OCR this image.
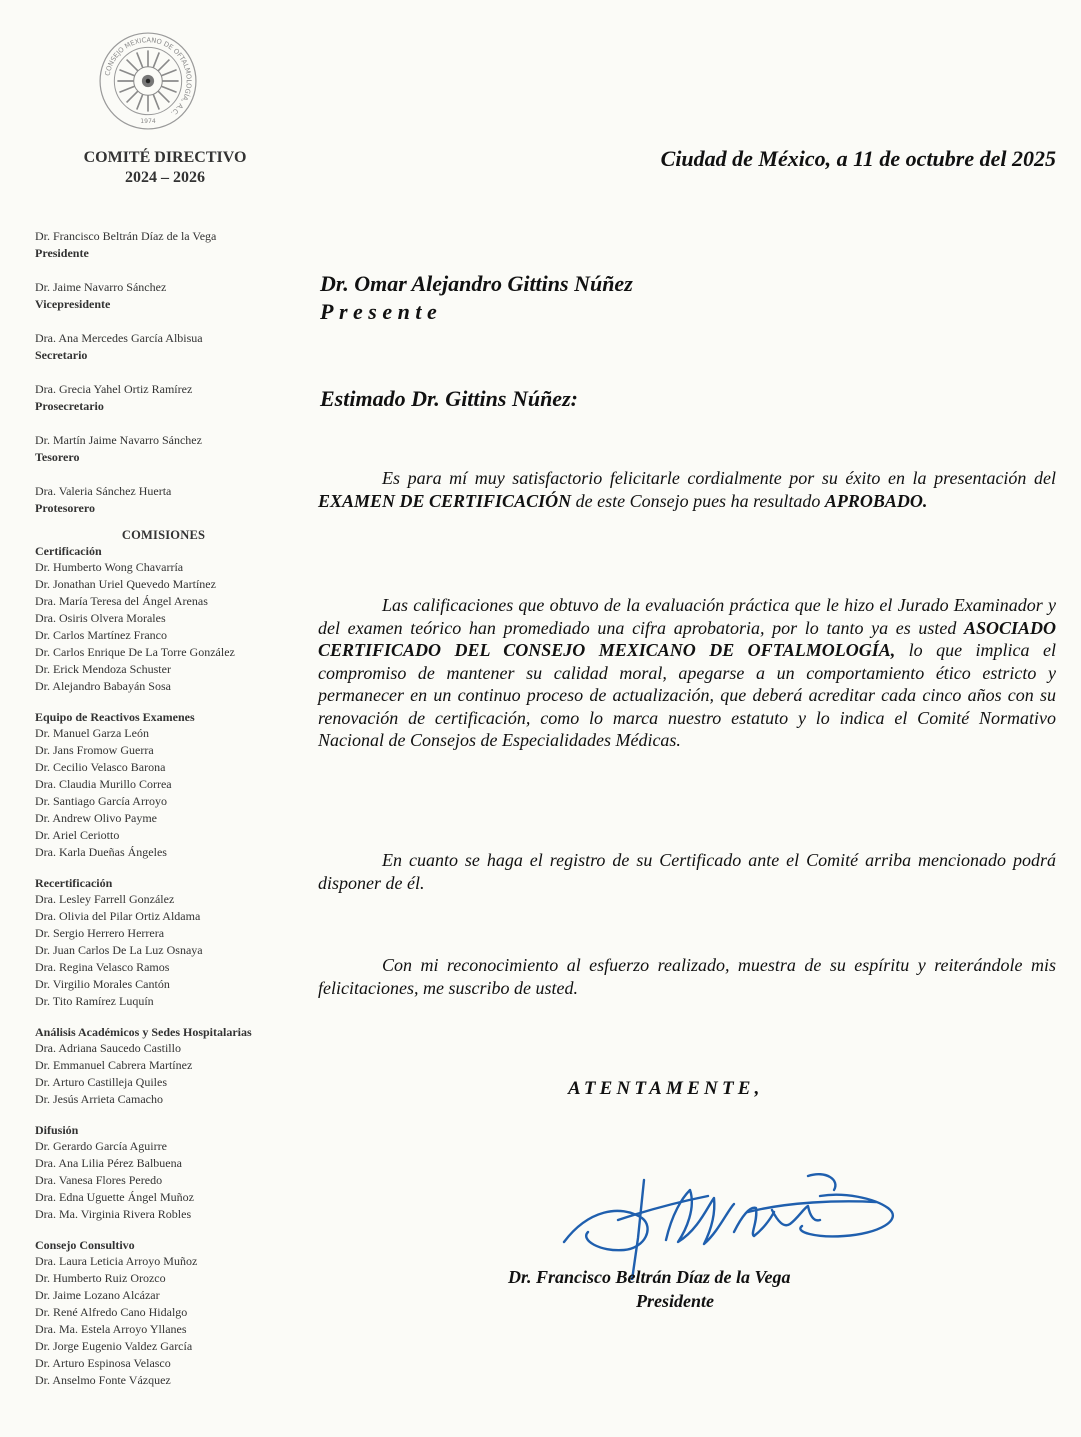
CONSEJO MEXICANO DE OFTALMOLOGÍA, A.C.
1974
COMITÉ DIRECTIVO
2024 – 2026
Dr. Francisco Beltrán Díaz de la Vega
Presidente
Dr. Jaime Navarro Sánchez
Vicepresidente
Dra. Ana Mercedes García Albisua
Secretario
Dra. Grecia Yahel Ortiz Ramírez
Prosecretario
Dr. Martín Jaime Navarro Sánchez
Tesorero
Dra. Valeria Sánchez Huerta
Protesorero
COMISIONES
Certificación
Dr. Humberto Wong Chavarría
Dr. Jonathan Uriel Quevedo Martínez
Dra. María Teresa del Ángel Arenas
Dra. Osiris Olvera Morales
Dr. Carlos Martínez Franco
Dr. Carlos Enrique De La Torre González
Dr. Erick Mendoza Schuster
Dr. Alejandro Babayán Sosa
Equipo de Reactivos Examenes
Dr. Manuel Garza León
Dr. Jans Fromow Guerra
Dr. Cecilio Velasco Barona
Dra. Claudia Murillo Correa
Dr. Santiago García Arroyo
Dr. Andrew Olivo Payme
Dr. Ariel Ceriotto
Dra. Karla Dueñas Ángeles
Recertificación
Dra. Lesley Farrell González
Dra. Olivia del Pilar Ortiz Aldama
Dr. Sergio Herrero Herrera
Dr. Juan Carlos De La Luz Osnaya
Dra. Regina Velasco Ramos
Dr. Virgilio Morales Cantón
Dr. Tito Ramírez Luquín
Análisis Académicos y Sedes Hospitalarias
Dra. Adriana Saucedo Castillo
Dr. Emmanuel Cabrera Martínez
Dr. Arturo Castilleja Quiles
Dr. Jesús Arrieta Camacho
Difusión
Dr. Gerardo García Aguirre
Dra. Ana Lilia Pérez Balbuena
Dra. Vanesa Flores Peredo
Dra. Edna Uguette Ángel Muñoz
Dra. Ma. Virginia Rivera Robles
Consejo Consultivo
Dra. Laura Leticia Arroyo Muñoz
Dr. Humberto Ruiz Orozco
Dr. Jaime Lozano Alcázar
Dr. René Alfredo Cano Hidalgo
Dra. Ma. Estela Arroyo Yllanes
Dr. Jorge Eugenio Valdez García
Dr. Arturo Espinosa Velasco
Dr. Anselmo Fonte Vázquez
Ciudad de México, a 11 de octubre del 2025
Dr. Omar Alejandro Gittins Núñez
Presente
Estimado Dr. Gittins Núñez:
Es para mí muy satisfactorio felicitarle cordialmente por su éxito en la presentación del EXAMEN DE CERTIFICACIÓN de este Consejo pues ha resultado APROBADO.
Las calificaciones que obtuvo de la evaluación práctica que le hizo el Jurado Examinador y del examen teórico han promediado una cifra aprobatoria, por lo tanto ya es usted ASOCIADO CERTIFICADO DEL CONSEJO MEXICANO DE OFTALMOLOGÍA, lo que implica el compromiso de mantener su calidad moral, apegarse a un comportamiento ético estricto y permanecer en un continuo proceso de actualización, que deberá acreditar cada cinco años con su renovación de certificación, como lo marca nuestro estatuto y lo indica el Comité Normativo Nacional de Consejos de Especialidades Médicas.
En cuanto se haga el registro de su Certificado ante el Comité arriba mencionado podrá disponer de él.
Con mi reconocimiento al esfuerzo realizado, muestra de su espíritu y reiterándole mis felicitaciones, me suscribo de usted.
ATENTAMENTE,
Dr. Francisco Beltrán Díaz de la Vega
Presidente
